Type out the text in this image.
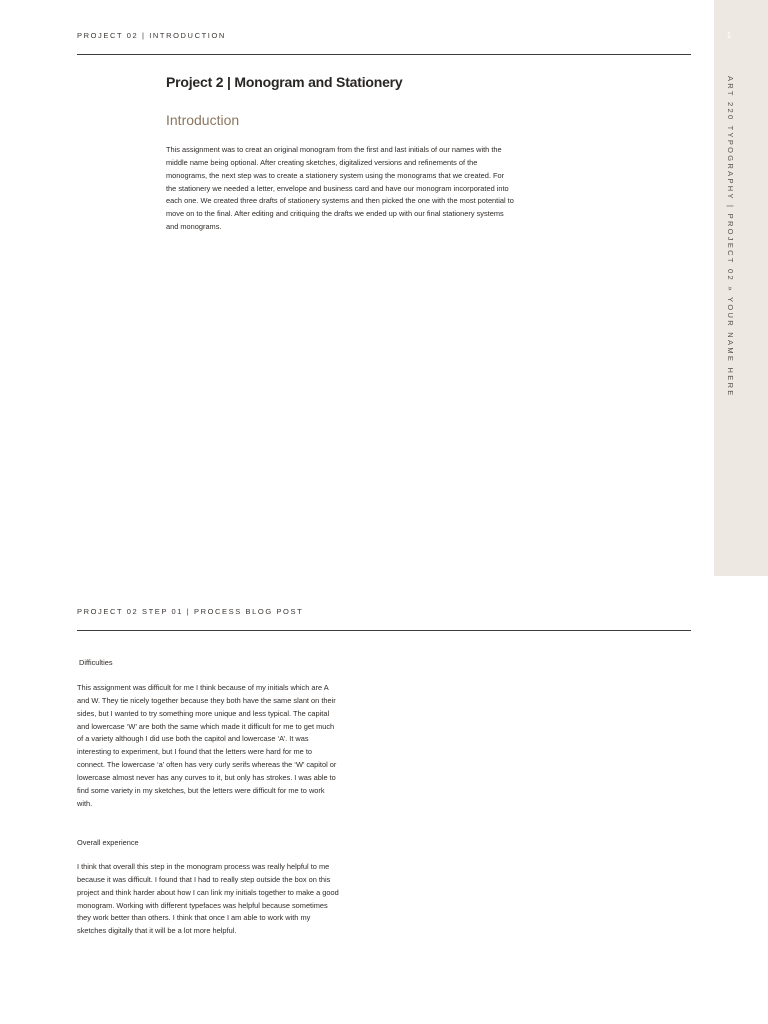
1
ART 220 TYPOGRAPHY | PROJECT 02 » YOUR NAME HERE
PROJECT 02 | INTRODUCTION
Project 2 | Monogram and Stationery
Introduction

This assignment was to creat an original monogram from the first and last initials of our names with the middle name being optional. After creating sketches, digitalized versions and refinements of the monograms, the next step was to create a stationery system using the monograms that we created. For the stationery we needed a letter, envelope and business card and have our monogram incorporated into each one. We created three drafts of stationery systems and then picked the one with the most potential to move on to the final. After editing and critiquing the drafts we ended up with our final stationery systems and monograms.

PROJECT 02 STEP 01 | PROCESS BLOG POST
Difficulties

This assignment was difficult for me I think because of my initials which are A and W. They tie nicely together because they both have the same slant on their sides, but I wanted to try something more unique and less typical. The capital and lowercase ‘W’ are both the same which made it difficult for me to get much of a variety although I did use both the capitol and lowercase ‘A’. It was interesting to experiment, but I found that the letters were hard for me to connect. The lowercase ‘a’ often has very curly serifs whereas the ‘W’ capitol or lowercase almost never has any curves to it, but only has strokes. I was able to find some variety in my sketches, but the letters were difficult for me to work with.

Overall experience

I think that overall this step in the monogram process was really helpful to me because it was difficult. I found that I had to really step outside the box on this project and think harder about how I can link my initials together to make a good monogram. Working with different typefaces was helpful because sometimes they work better than others. I think that once I am able to work with my sketches digitally that it will be a lot more helpful.
